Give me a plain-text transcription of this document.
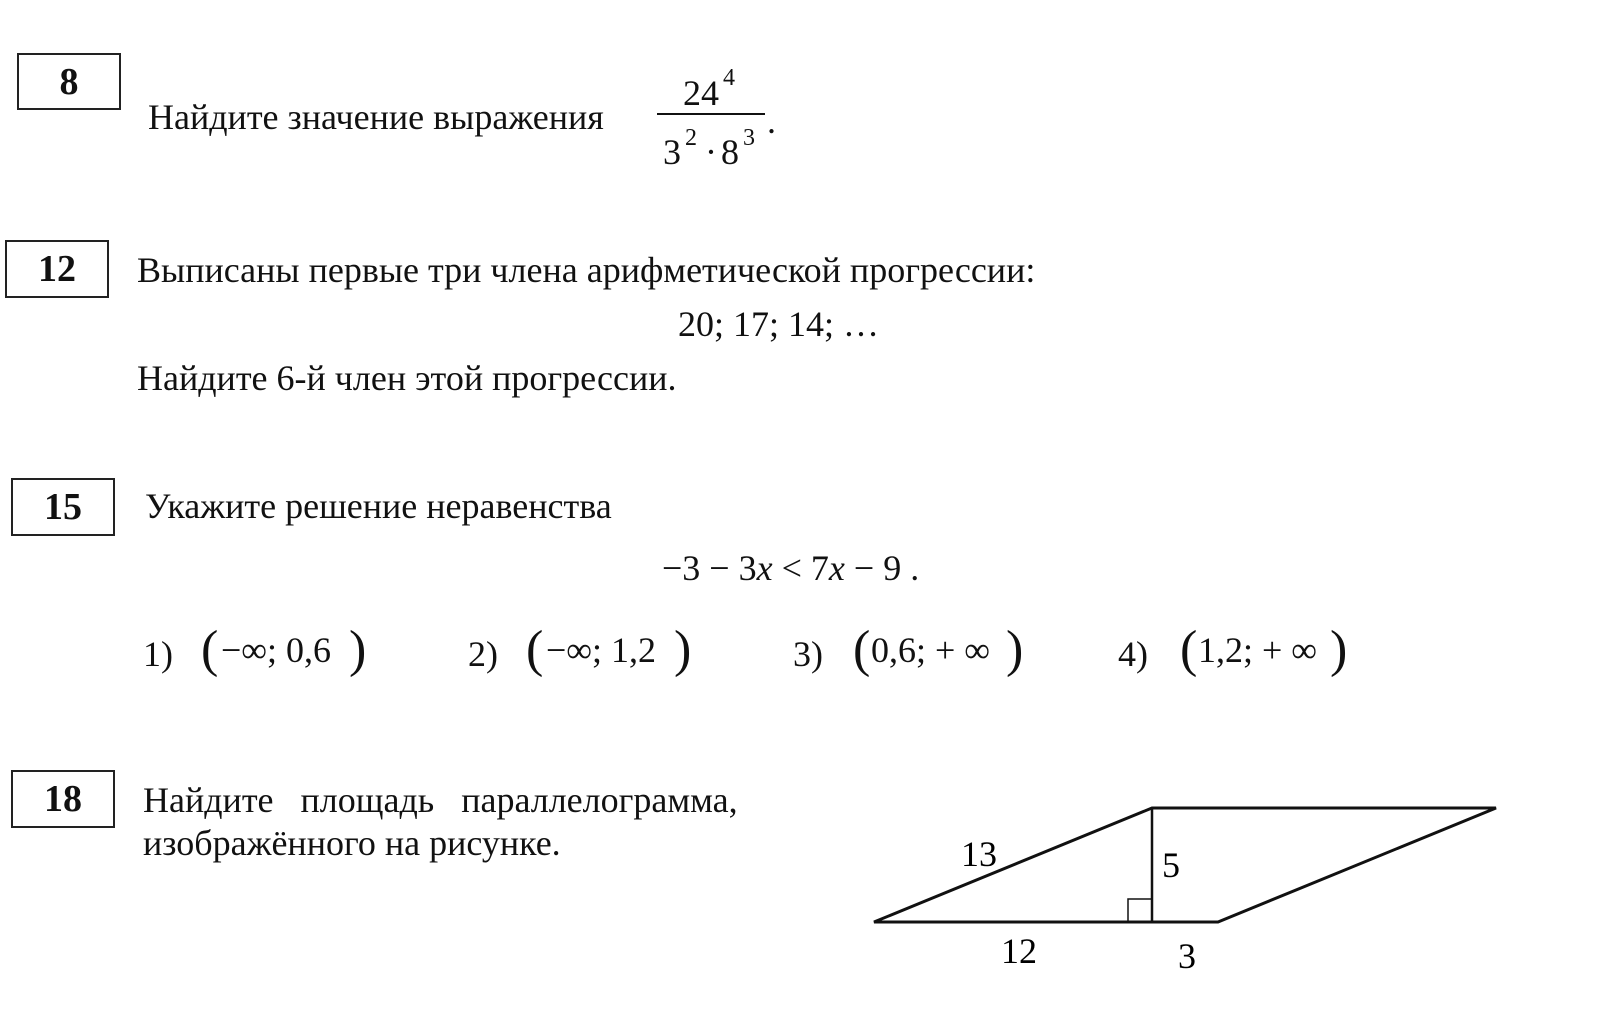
8
Найдите значение выражения
24 4
3 2 · 8 3 .
12 Выписаны первые три члена арифметической прогрессии:
20; 17; 14; …
Найдите 6-й член этой прогрессии.
15 Укажите решение неравенства
−3 − 3x < 7x − 9 .
1) ( −∞; 0,6 )	2) ( −∞; 1,2 )	3) ( 0,6; + ∞ )	4) ( 1,2; + ∞ )
18 Найдите   площадь   параллелограмма,
изображённого на рисунке.	13	5
12	3
